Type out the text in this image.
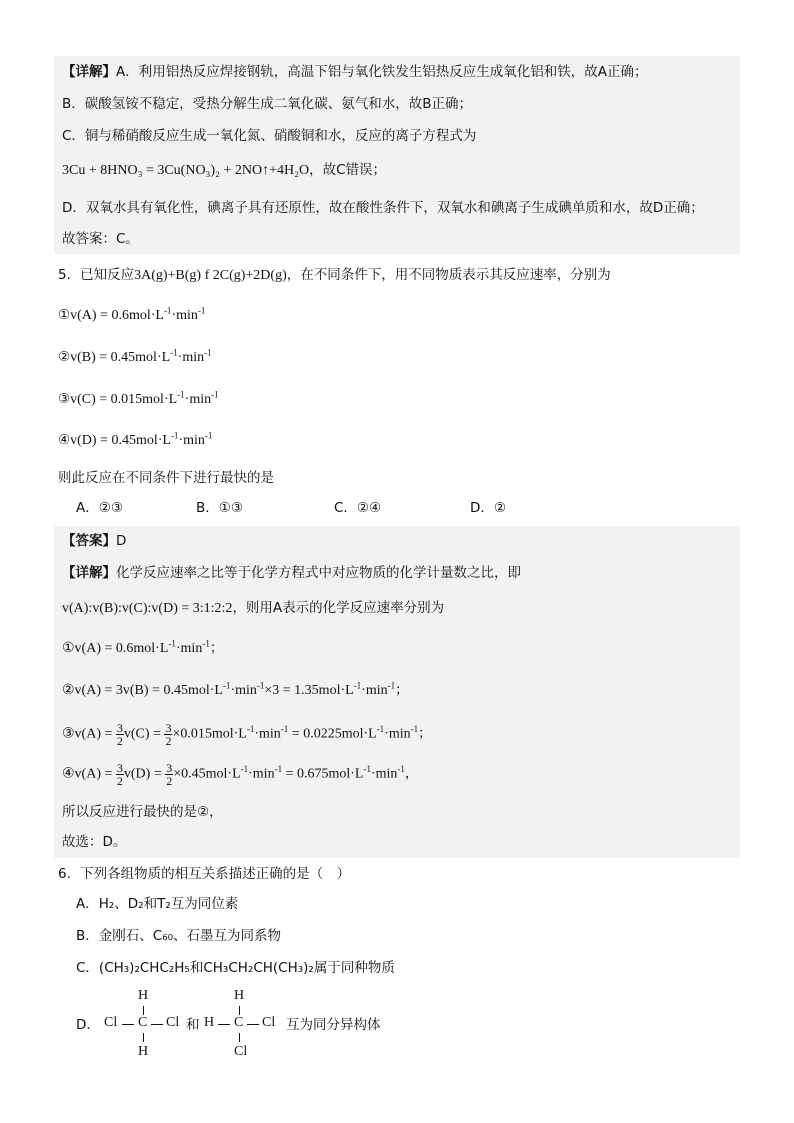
【详解】A．利用铝热反应焊接钢轨，高温下铝与氧化铁发生铝热反应生成氧化铝和铁，故A正确；
B．碳酸氢铵不稳定，受热分解生成二氧化碳、氨气和水，故B正确；
C．铜与稀硝酸反应生成一氧化氮、硝酸铜和水，反应的离子方程式为
3Cu + 8HNO₃ = 3Cu(NO₃)₂ + 2NO↑+4H₂O，故C错误；
D．双氧水具有氧化性，碘离子具有还原性，故在酸性条件下，双氧水和碘离子生成碘单质和水，故D正确；
故答案：C。
5．已知反应3A(g)+B(g) f 2C(g)+2D(g)，在不同条件下，用不同物质表示其反应速率，分别为
①v(A) = $0.6mol\cdot L^{-1}\cdot\min^{-1}$
②v(B) = $0.45mol\cdot L^{-1}\cdot\min^{-1}$
③v(C) = $0.015mol\cdot L^{-1}\cdot\min^{-1}$
④v(D) = $0.45mol\cdot L^{-1}\cdot\min^{-1}$
则此反应在不同条件下进行最快的是
A．②③	B．①③	C．②④	D．②
【答案】D
【详解】化学反应速率之比等于化学方程式中对应物质的化学计量数之比，即
v(A):v(B):v(C):v(D) = 3:1:2:2，则用A表示的化学反应速率分别为
①v(A) = $0.6mol\cdot L^{-1}\cdot\min^{-1}$；
②v(A) = $3v(B) = 0.45mol\cdot L^{-1}\cdot\min^{-1}\times 3 = 1.35mol\cdot L^{-1}\cdot\min^{-1}$；
③v(A) = $\frac{3}{2} v(C) = \frac{3}{2} \times 0.015mol\cdot L^{-1}\cdot\min^{-1} = 0.0225mol\cdot L^{-1}\cdot\min^{-1}$；
④v(A) = $\frac{3}{2} v(D) = \frac{3}{2} \times 0.45mol\cdot L^{-1}\cdot\min^{-1} = 0.675mol\cdot L^{-1}\cdot\min^{-1}$，
所以反应进行最快的是②，
故选：D。
6．下列各组物质的相互关系描述正确的是（　）
A．H₂、D₂和T₂互为同位素
B．金刚石、C₆₀、石墨互为同系物
C．(CH₃)₂CHC₂H₅和CH₃CH₂CH(CH₃)₂属于同种物质
D．
H
Cl C Cl
H
和
H
H C Cl
Cl
互为同分异构体
